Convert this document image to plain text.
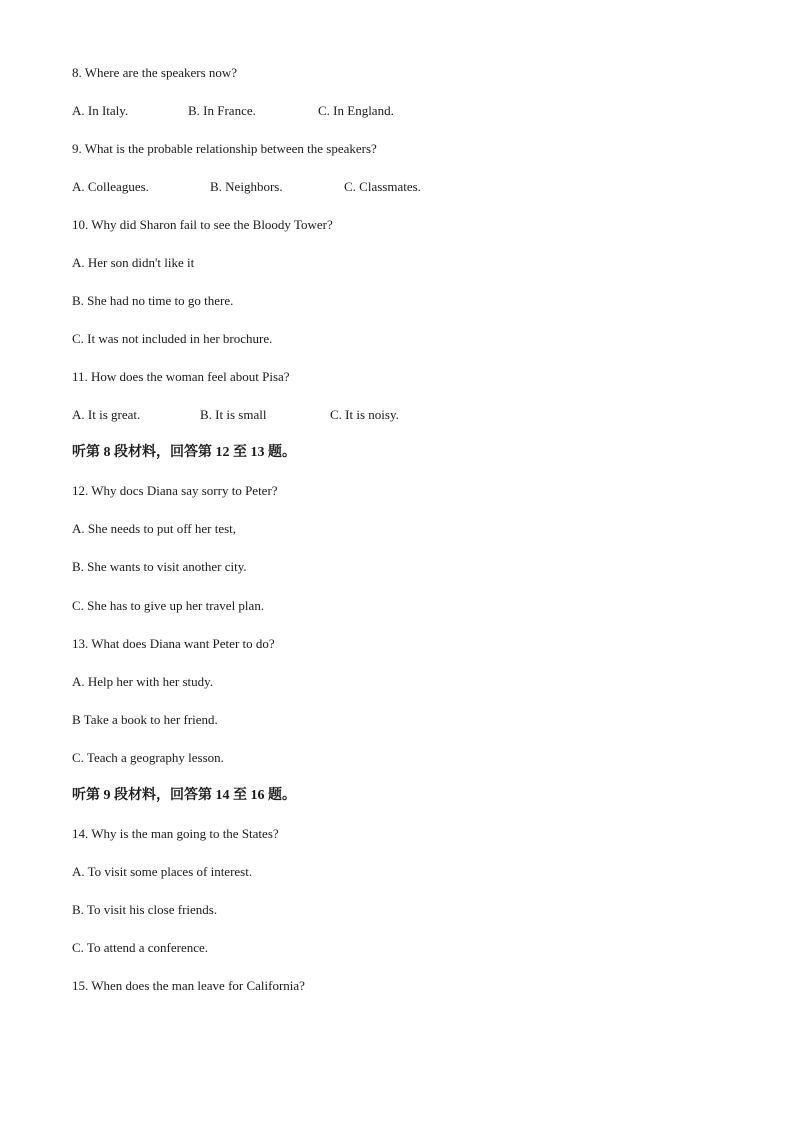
8. Where are the speakers now?
A. In Italy.	B. In France.	C. In England.
9. What is the probable relationship between the speakers?
A. Colleagues.	B. Neighbors.	C. Classmates.
10. Why did Sharon fail to see the Bloody Tower?
A. Her son didn't like it
B. She had no time to go there.
C. It was not included in her brochure.
11. How does the woman feel about Pisa?
A. It is great.	B. It is small	C. It is noisy.
听第 8 段材料，回答第 12 至 13 题。
12. Why docs Diana say sorry to Peter?
A. She needs to put off her test,
B. She wants to visit another city.
C. She has to give up her travel plan.
13. What does Diana want Peter to do?
A. Help her with her study.
B Take a book to her friend.
C. Teach a geography lesson.
听第 9 段材料，回答第 14 至 16 题。
14. Why is the man going to the States?
A. To visit some places of interest.
B. To visit his close friends.
C. To attend a conference.
15. When does the man leave for California?
